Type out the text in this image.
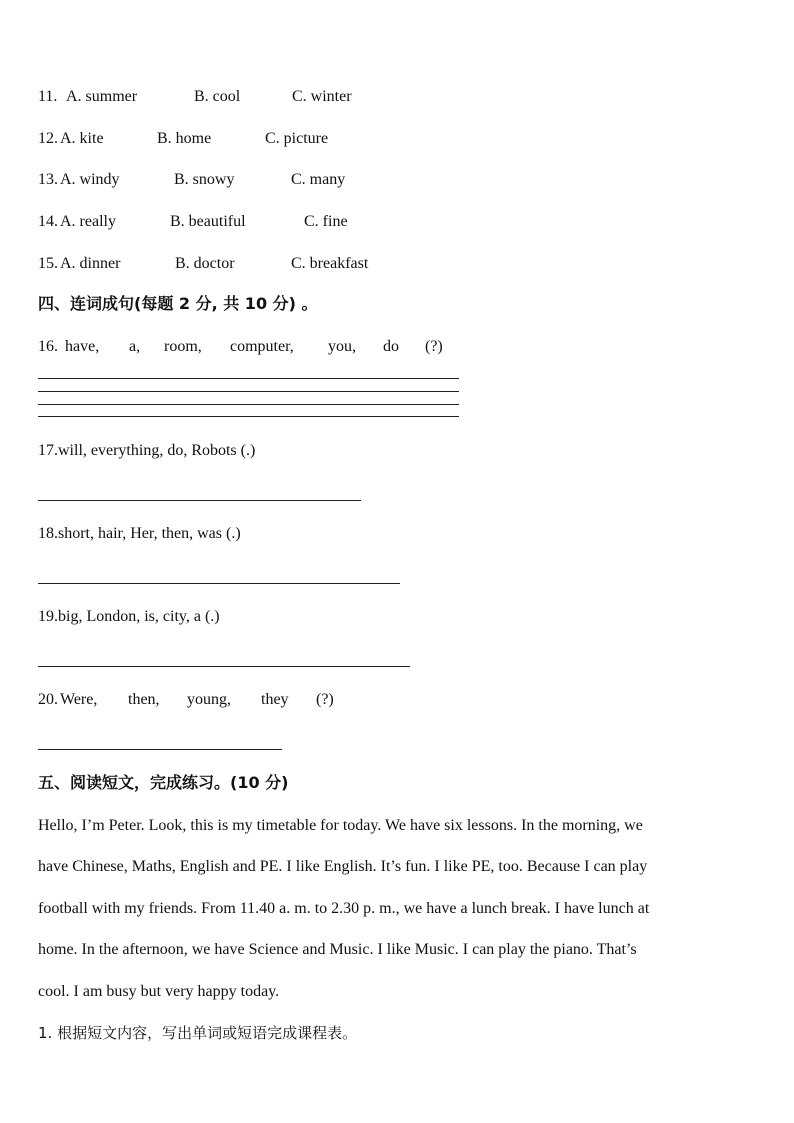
11. A. summer	B. cool	C. winter
12. A. kite	B. home	C. picture
13. A. windy	B. snowy	C. many
14. A. really	B. beautiful	C. fine
15. A. dinner	B. doctor	C. breakfast
四、连词成句(每题 2 分, 共 10 分) 。
16. have, a, room, computer, you, do (?)
17.will, everything, do, Robots (.)
18.short, hair, Her, then, was (.)
19.big, London, is, city, a (.)
20. Were, then, young, they (?)
五、阅读短文，完成练习。(10 分)
Hello, I’m Peter. Look, this is my timetable for today. We have six lessons. In the morning, we
have Chinese, Maths, English and PE. I like English. It’s fun. I like PE, too. Because I can play
football with my friends. From 11.40 a. m. to 2.30 p. m., we have a lunch break. I have lunch at
home. In the afternoon, we have Science and Music. I like Music. I can play the piano. That’s
cool. I am busy but very happy today.
1. 根据短文内容，写出单词或短语完成课程表。
